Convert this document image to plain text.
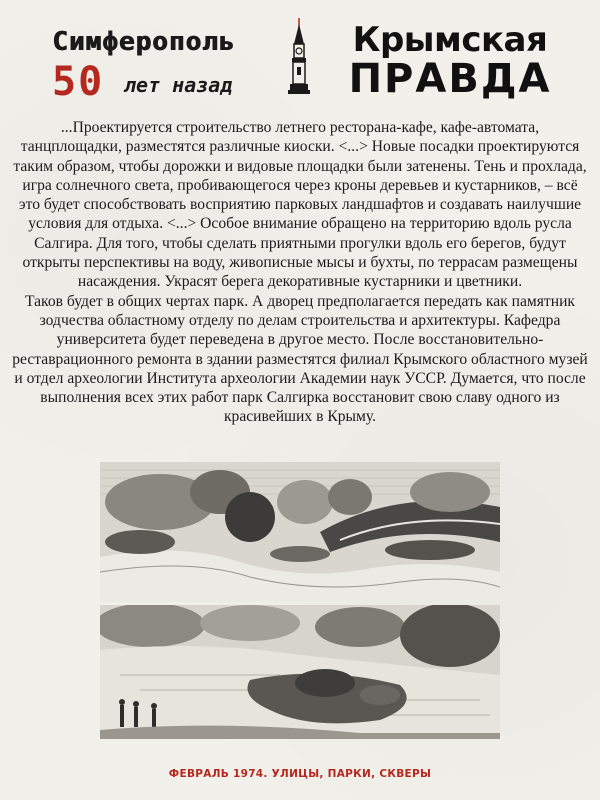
Симферополь
50 лет назад
Крымская
ПРАВДА

...Проектируется строительство летнего ресторана-кафе, кафе-автомата, танцплощадки, разместятся различные киоски. <...> Новые посадки проектируются таким образом, чтобы дорожки и видовые площадки были затенены. Тень и прохлада, игра солнечного света, пробивающегося через кроны деревьев и кустарников, – всё это будет способствовать восприятию парковых ландшафтов и создавать наилучшие условия для отдыха. <...> Особое внимание обращено на территорию вдоль русла Салгира. Для того, чтобы сделать приятными прогулки вдоль его берегов, будут открыты перспективы на воду, живописные мысы и бухты, по террасам размещены насаждения. Украсят берега декоративные кустарники и цветники.

Таков будет в общих чертах парк. А дворец предполагается передать как памятник зодчества областному отделу по делам строительства и архитектуры. Кафедра университета будет переведена в другое место. После восстановительно-реставрационного ремонта в здании разместятся филиал Крымского областного музей и отдел археологии Института археологии Академии наук УССР. Думается, что после выполнения всех этих работ парк Салгирка восстановит свою славу одного из красивейших в Крыму.

ФЕВРАЛЬ 1974. УЛИЦЫ, ПАРКИ, СКВЕРЫ
